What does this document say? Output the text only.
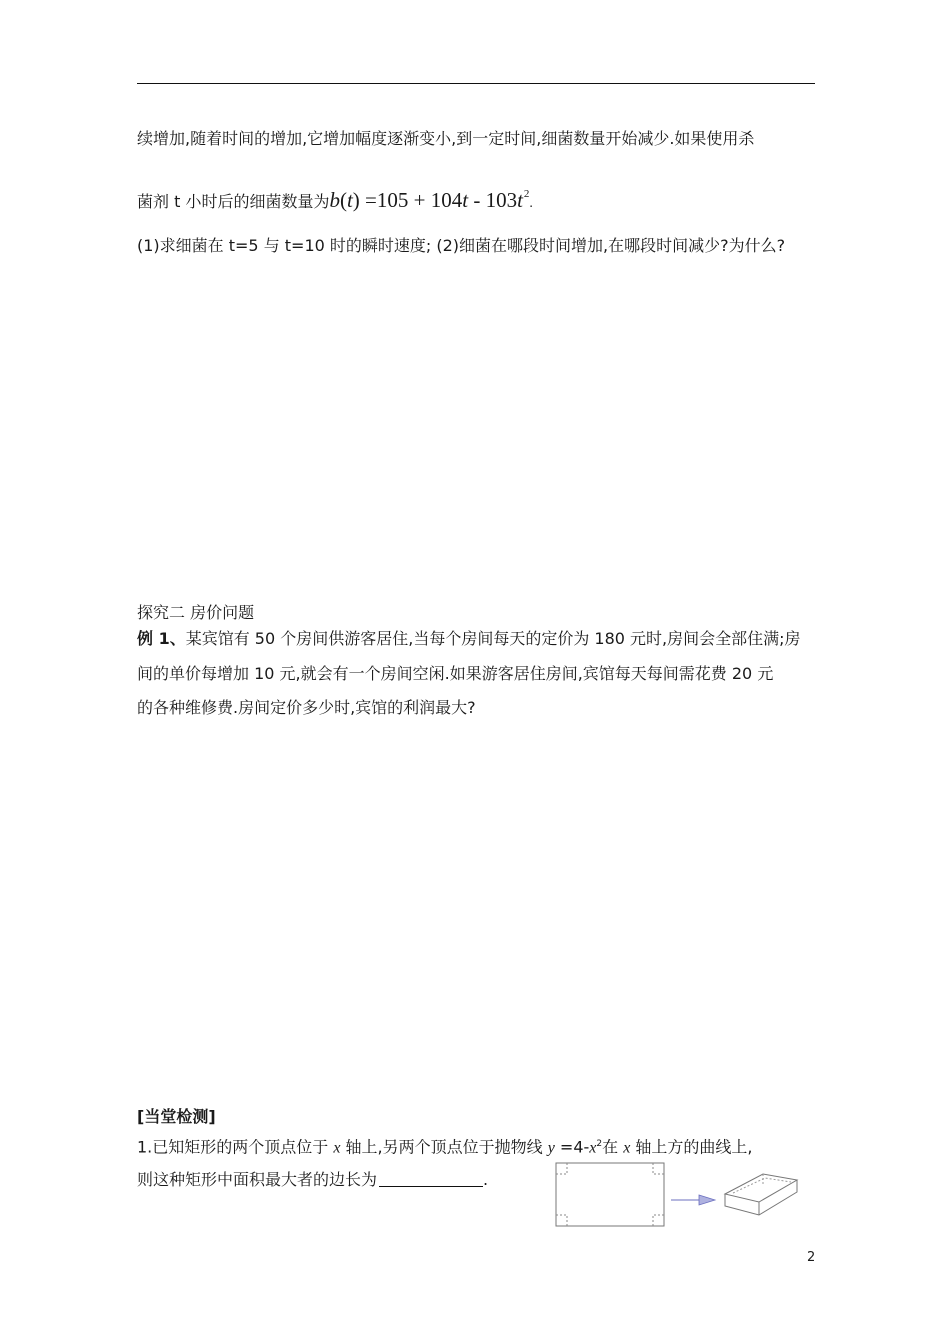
续增加,随着时间的增加,它增加幅度逐渐变小,到一定时间,细菌数量开始减少.如果使用杀
菌剂 t 小时后的细菌数量为$b(t) =105 + 104t - 103t^2$.
(1)求细菌在 t=5 与 t=10 时的瞬时速度; (2)细菌在哪段时间增加,在哪段时间减少?为什么?
探究二 房价问题
例 1、某宾馆有 50 个房间供游客居住,当每个房间每天的定价为 180 元时,房间会全部住满;房
间的单价每增加 10 元,就会有一个房间空闲.如果游客居住房间,宾馆每天每间需花费 20 元
的各种维修费.房间定价多少时,宾馆的利润最大?
[当堂检测]
1.已知矩形的两个顶点位于 x 轴上,另两个顶点位于抛物线 $y =4-x^2$在 x 轴上方的曲线上,
则这种矩形中面积最大者的边长为	.
2
